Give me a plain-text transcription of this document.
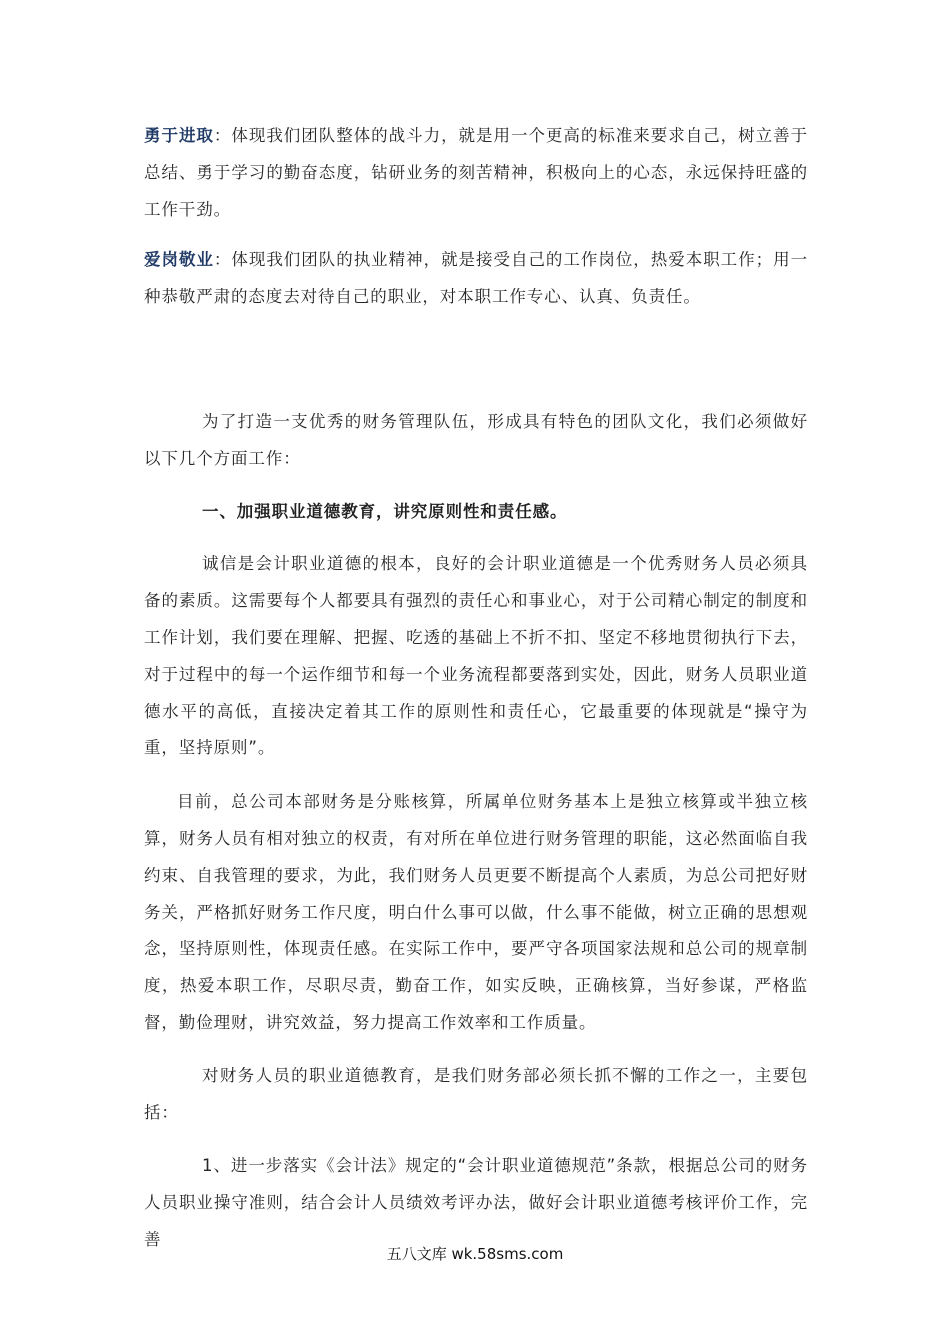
勇于进取：体现我们团队整体的战斗力，就是用一个更高的标准来要求自己，树立善于总结、勇于学习的勤奋态度，钻研业务的刻苦精神，积极向上的心态，永远保持旺盛的工作干劲。

爱岗敬业：体现我们团队的执业精神，就是接受自己的工作岗位，热爱本职工作；用一种恭敬严肃的态度去对待自己的职业，对本职工作专心、认真、负责任。

为了打造一支优秀的财务管理队伍，形成具有特色的团队文化，我们必须做好以下几个方面工作：

一、加强职业道德教育，讲究原则性和责任感。

诚信是会计职业道德的根本，良好的会计职业道德是一个优秀财务人员必须具备的素质。这需要每个人都要具有强烈的责任心和事业心，对于公司精心制定的制度和工作计划，我们要在理解、把握、吃透的基础上不折不扣、坚定不移地贯彻执行下去，对于过程中的每一个运作细节和每一个业务流程都要落到实处，因此，财务人员职业道德水平的高低，直接决定着其工作的原则性和责任心，它最重要的体现就是“操守为重，坚持原则”。

目前，总公司本部财务是分账核算，所属单位财务基本上是独立核算或半独立核算，财务人员有相对独立的权责，有对所在单位进行财务管理的职能，这必然面临自我约束、自我管理的要求，为此，我们财务人员更要不断提高个人素质，为总公司把好财务关，严格抓好财务工作尺度，明白什么事可以做，什么事不能做，树立正确的思想观念，坚持原则性，体现责任感。在实际工作中，要严守各项国家法规和总公司的规章制度，热爱本职工作，尽职尽责，勤奋工作，如实反映，正确核算，当好参谋，严格监督，勤俭理财，讲究效益，努力提高工作效率和工作质量。

对财务人员的职业道德教育，是我们财务部必须长抓不懈的工作之一，主要包括：

1、进一步落实《会计法》规定的“会计职业道德规范”条款，根据总公司的财务人员职业操守准则，结合会计人员绩效考评办法，做好会计职业道德考核评价工作，完善

五八文库 wk.58sms.com
